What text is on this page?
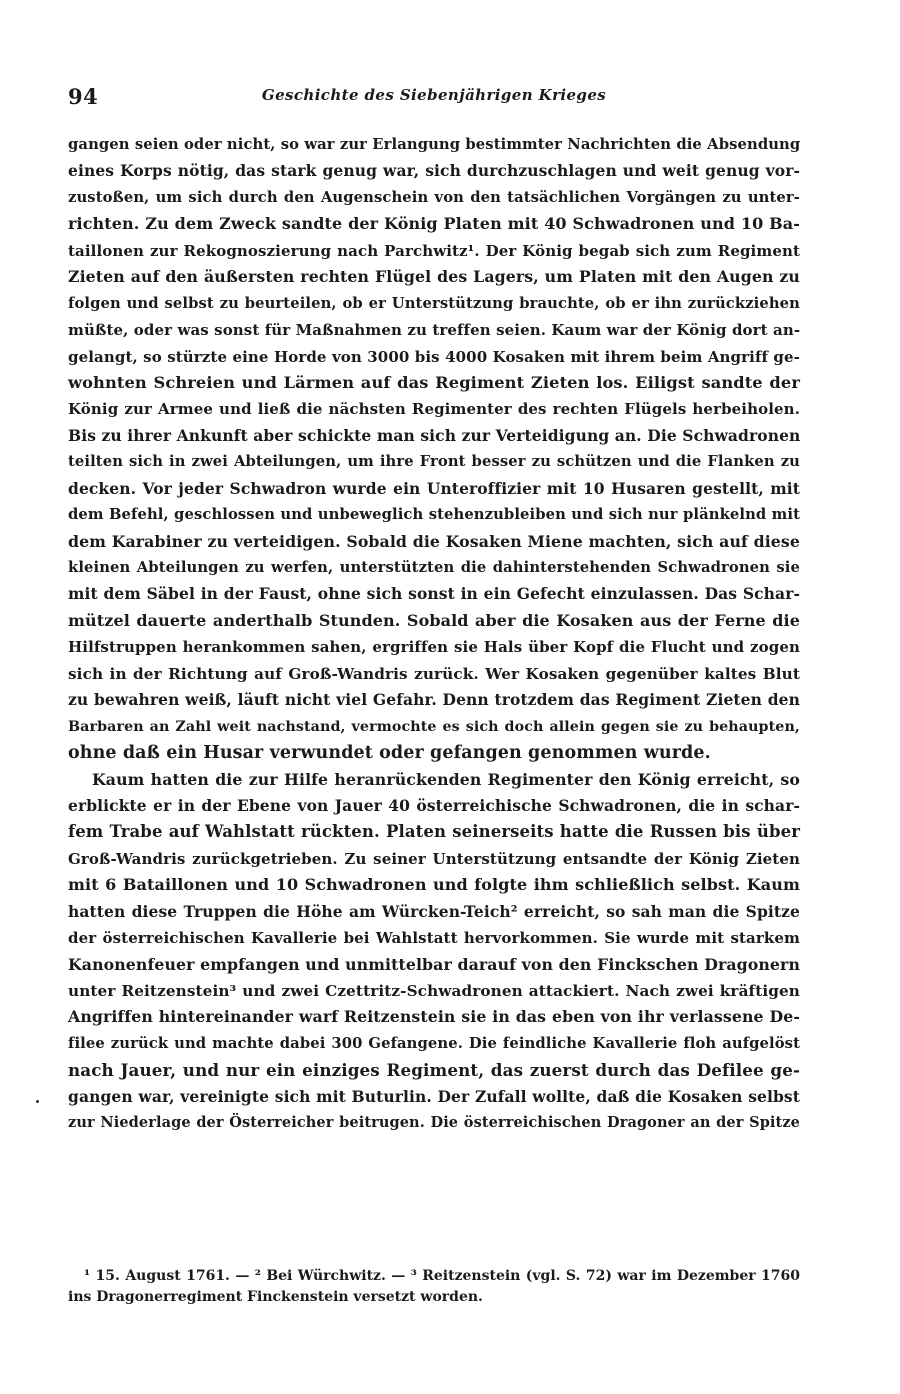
94	Geschichte des Siebenjährigen Krieges
gangen seien oder nicht, so war zur Erlangung bestimmter Nachrichten die Absendung
eines Korps nötig, das stark genug war, sich durchzuschlagen und weit genug vor-
zustoßen, um sich durch den Augenschein von den tatsächlichen Vorgängen zu unter-
richten. Zu dem Zweck sandte der König Platen mit 40 Schwadronen und 10 Ba-
taillonen zur Rekognoszierung nach Parchwitz¹. Der König begab sich zum Regiment
Zieten auf den äußersten rechten Flügel des Lagers, um Platen mit den Augen zu
folgen und selbst zu beurteilen, ob er Unterstützung brauchte, ob er ihn zurückziehen
müßte, oder was sonst für Maßnahmen zu treffen seien. Kaum war der König dort an-
gelangt, so stürzte eine Horde von 3000 bis 4000 Kosaken mit ihrem beim Angriff ge-
wohnten Schreien und Lärmen auf das Regiment Zieten los. Eiligst sandte der
König zur Armee und ließ die nächsten Regimenter des rechten Flügels herbeiholen.
Bis zu ihrer Ankunft aber schickte man sich zur Verteidigung an. Die Schwadronen
teilten sich in zwei Abteilungen, um ihre Front besser zu schützen und die Flanken zu
decken. Vor jeder Schwadron wurde ein Unteroffizier mit 10 Husaren gestellt, mit
dem Befehl, geschlossen und unbeweglich stehenzubleiben und sich nur plänkelnd mit
dem Karabiner zu verteidigen. Sobald die Kosaken Miene machten, sich auf diese
kleinen Abteilungen zu werfen, unterstützten die dahinterstehenden Schwadronen sie
mit dem Säbel in der Faust, ohne sich sonst in ein Gefecht einzulassen. Das Schar-
mützel dauerte anderthalb Stunden. Sobald aber die Kosaken aus der Ferne die
Hilfstruppen herankommen sahen, ergriffen sie Hals über Kopf die Flucht und zogen
sich in der Richtung auf Groß-Wandris zurück. Wer Kosaken gegenüber kaltes Blut
zu bewahren weiß, läuft nicht viel Gefahr. Denn trotzdem das Regiment Zieten den
Barbaren an Zahl weit nachstand, vermochte es sich doch allein gegen sie zu behaupten,
ohne daß ein Husar verwundet oder gefangen genommen wurde.
Kaum hatten die zur Hilfe heranrückenden Regimenter den König erreicht, so
erblickte er in der Ebene von Jauer 40 österreichische Schwadronen, die in schar-
fem Trabe auf Wahlstatt rückten. Platen seinerseits hatte die Russen bis über
Groß-Wandris zurückgetrieben. Zu seiner Unterstützung entsandte der König Zieten
mit 6 Bataillonen und 10 Schwadronen und folgte ihm schließlich selbst. Kaum
hatten diese Truppen die Höhe am Würcken-Teich² erreicht, so sah man die Spitze
der österreichischen Kavallerie bei Wahlstatt hervorkommen. Sie wurde mit starkem
Kanonenfeuer empfangen und unmittelbar darauf von den Finckschen Dragonern
unter Reitzenstein³ und zwei Czettritz-Schwadronen attackiert. Nach zwei kräftigen
Angriffen hintereinander warf Reitzenstein sie in das eben von ihr verlassene De-
filee zurück und machte dabei 300 Gefangene. Die feindliche Kavallerie floh aufgelöst
nach Jauer, und nur ein einziges Regiment, das zuerst durch das Defilee ge-
gangen war, vereinigte sich mit Buturlin. Der Zufall wollte, daß die Kosaken selbst
zur Niederlage der Österreicher beitrugen. Die österreichischen Dragoner an der Spitze
¹ 15. August 1761. — ² Bei Würchwitz. — ³ Reitzenstein (vgl. S. 72) war im Dezember 1760
ins Dragonerregiment Finckenstein versetzt worden.
